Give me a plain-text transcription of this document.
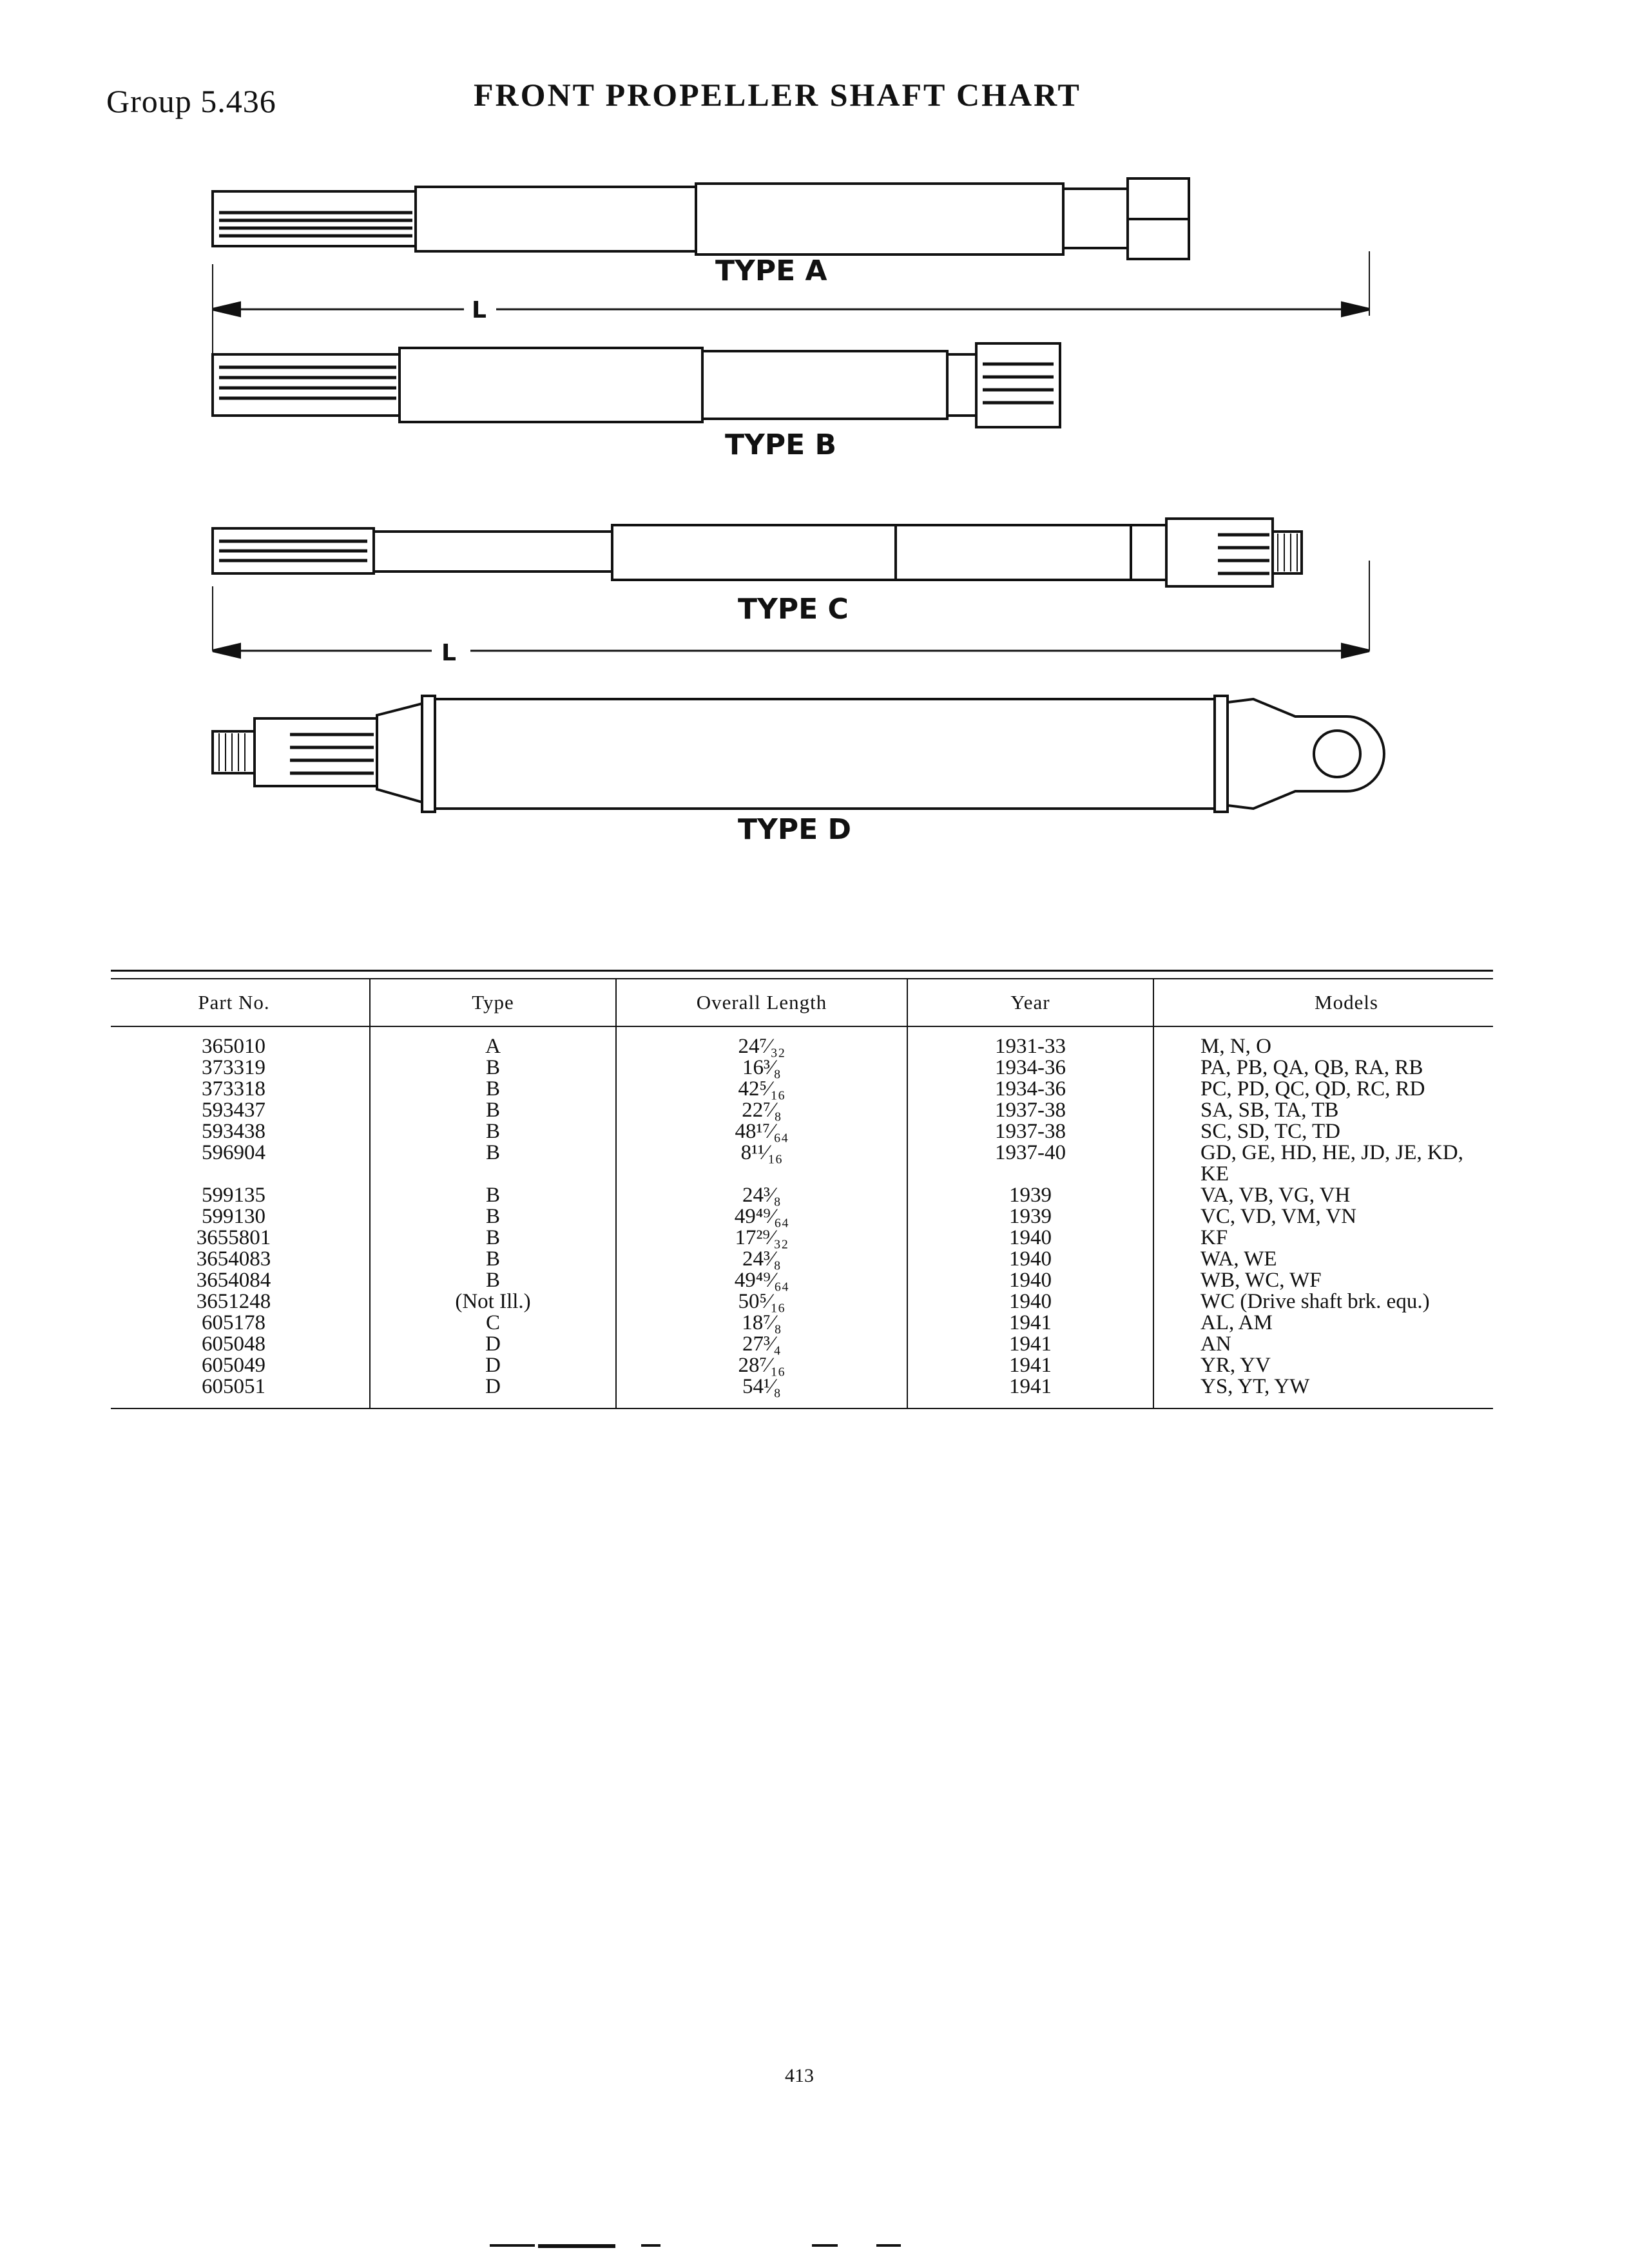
Group 5.436	FRONT PROPELLER SHAFT CHART
TYPE A
L
TYPE B
TYPE C
L
TYPE D
Part No.	Type	Overall Length	Year	Models
365010	A	24⁷⁄₃₂	1931-33	M, N, O
373319	B	16³⁄₈	1934-36	PA, PB, QA, QB, RA, RB
373318	B	42⁵⁄₁₆	1934-36	PC, PD, QC, QD, RC, RD
593437	B	22⁷⁄₈	1937-38	SA, SB, TA, TB
593438	B	48¹⁷⁄₆₄	1937-38	SC, SD, TC, TD
596904	B	8¹¹⁄₁₆	1937-40	GD, GE, HD, HE, JD, JE, KD, KE
599135	B	24³⁄₈	1939	VA, VB, VG, VH
599130	B	49⁴⁹⁄₆₄	1939	VC, VD, VM, VN
3655801	B	17²⁹⁄₃₂	1940	KF
3654083	B	24³⁄₈	1940	WA, WE
3654084	B	49⁴⁹⁄₆₄	1940	WB, WC, WF
3651248	(Not Ill.)	50⁵⁄₁₆	1940	WC (Drive shaft brk. equ.)
605178	C	18⁷⁄₈	1941	AL, AM
605048	D	27³⁄₄	1941	AN
605049	D	28⁷⁄₁₆	1941	YR, YV
605051	D	54¹⁄₈	1941	YS, YT, YW
413
